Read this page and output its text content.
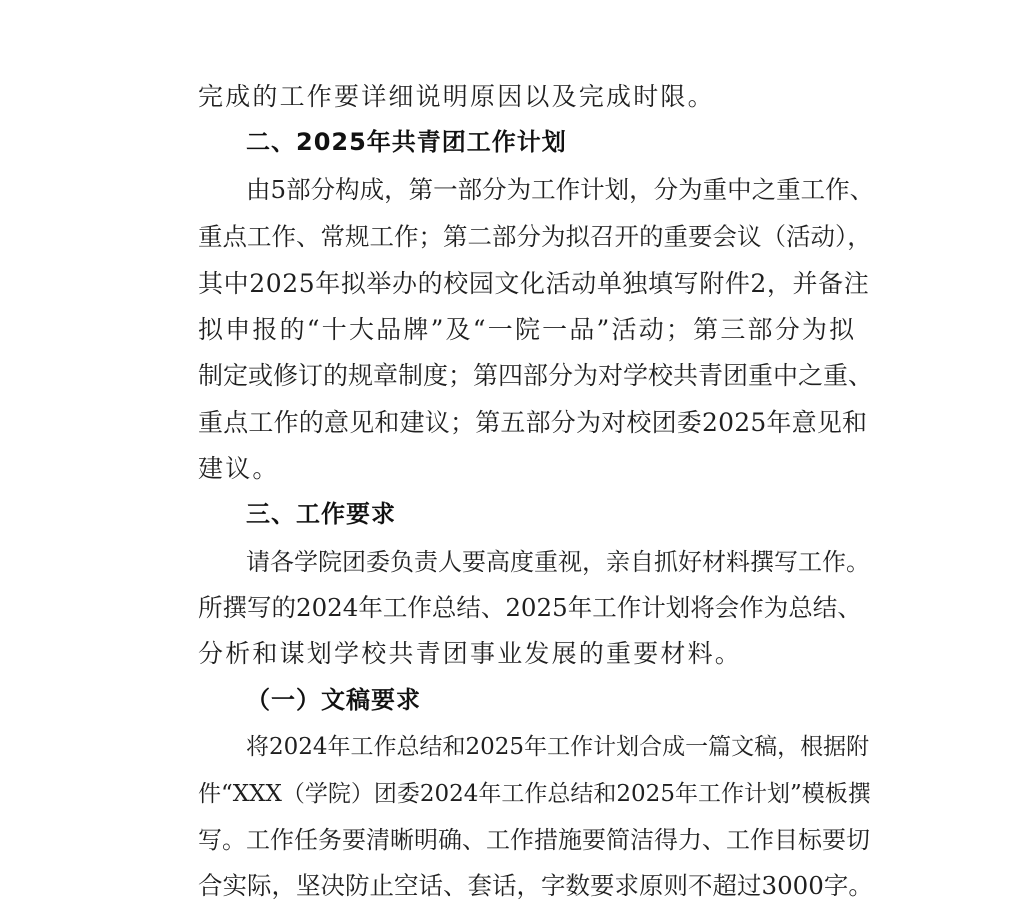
完成的工作要详细说明原因以及完成时限。
二、2025年共青团工作计划
由5部分构成，第一部分为工作计划，分为重中之重工作、
重点工作、常规工作；第二部分为拟召开的重要会议（活动），
其中2025年拟举办的校园文化活动单独填写附件2，并备注
拟申报的“十大品牌”及“一院一品”活动；第三部分为拟
制定或修订的规章制度；第四部分为对学校共青团重中之重、
重点工作的意见和建议；第五部分为对校团委2025年意见和
建议。
三、工作要求
请各学院团委负责人要高度重视，亲自抓好材料撰写工作。
所撰写的2024年工作总结、2025年工作计划将会作为总结、
分析和谋划学校共青团事业发展的重要材料。
（一）文稿要求
将2024年工作总结和2025年工作计划合成一篇文稿，根据附
件“XXX（学院）团委2024年工作总结和2025年工作计划”模板撰
写。工作任务要清晰明确、工作措施要简洁得力、工作目标要切
合实际，坚决防止空话、套话，字数要求原则不超过3000字。
